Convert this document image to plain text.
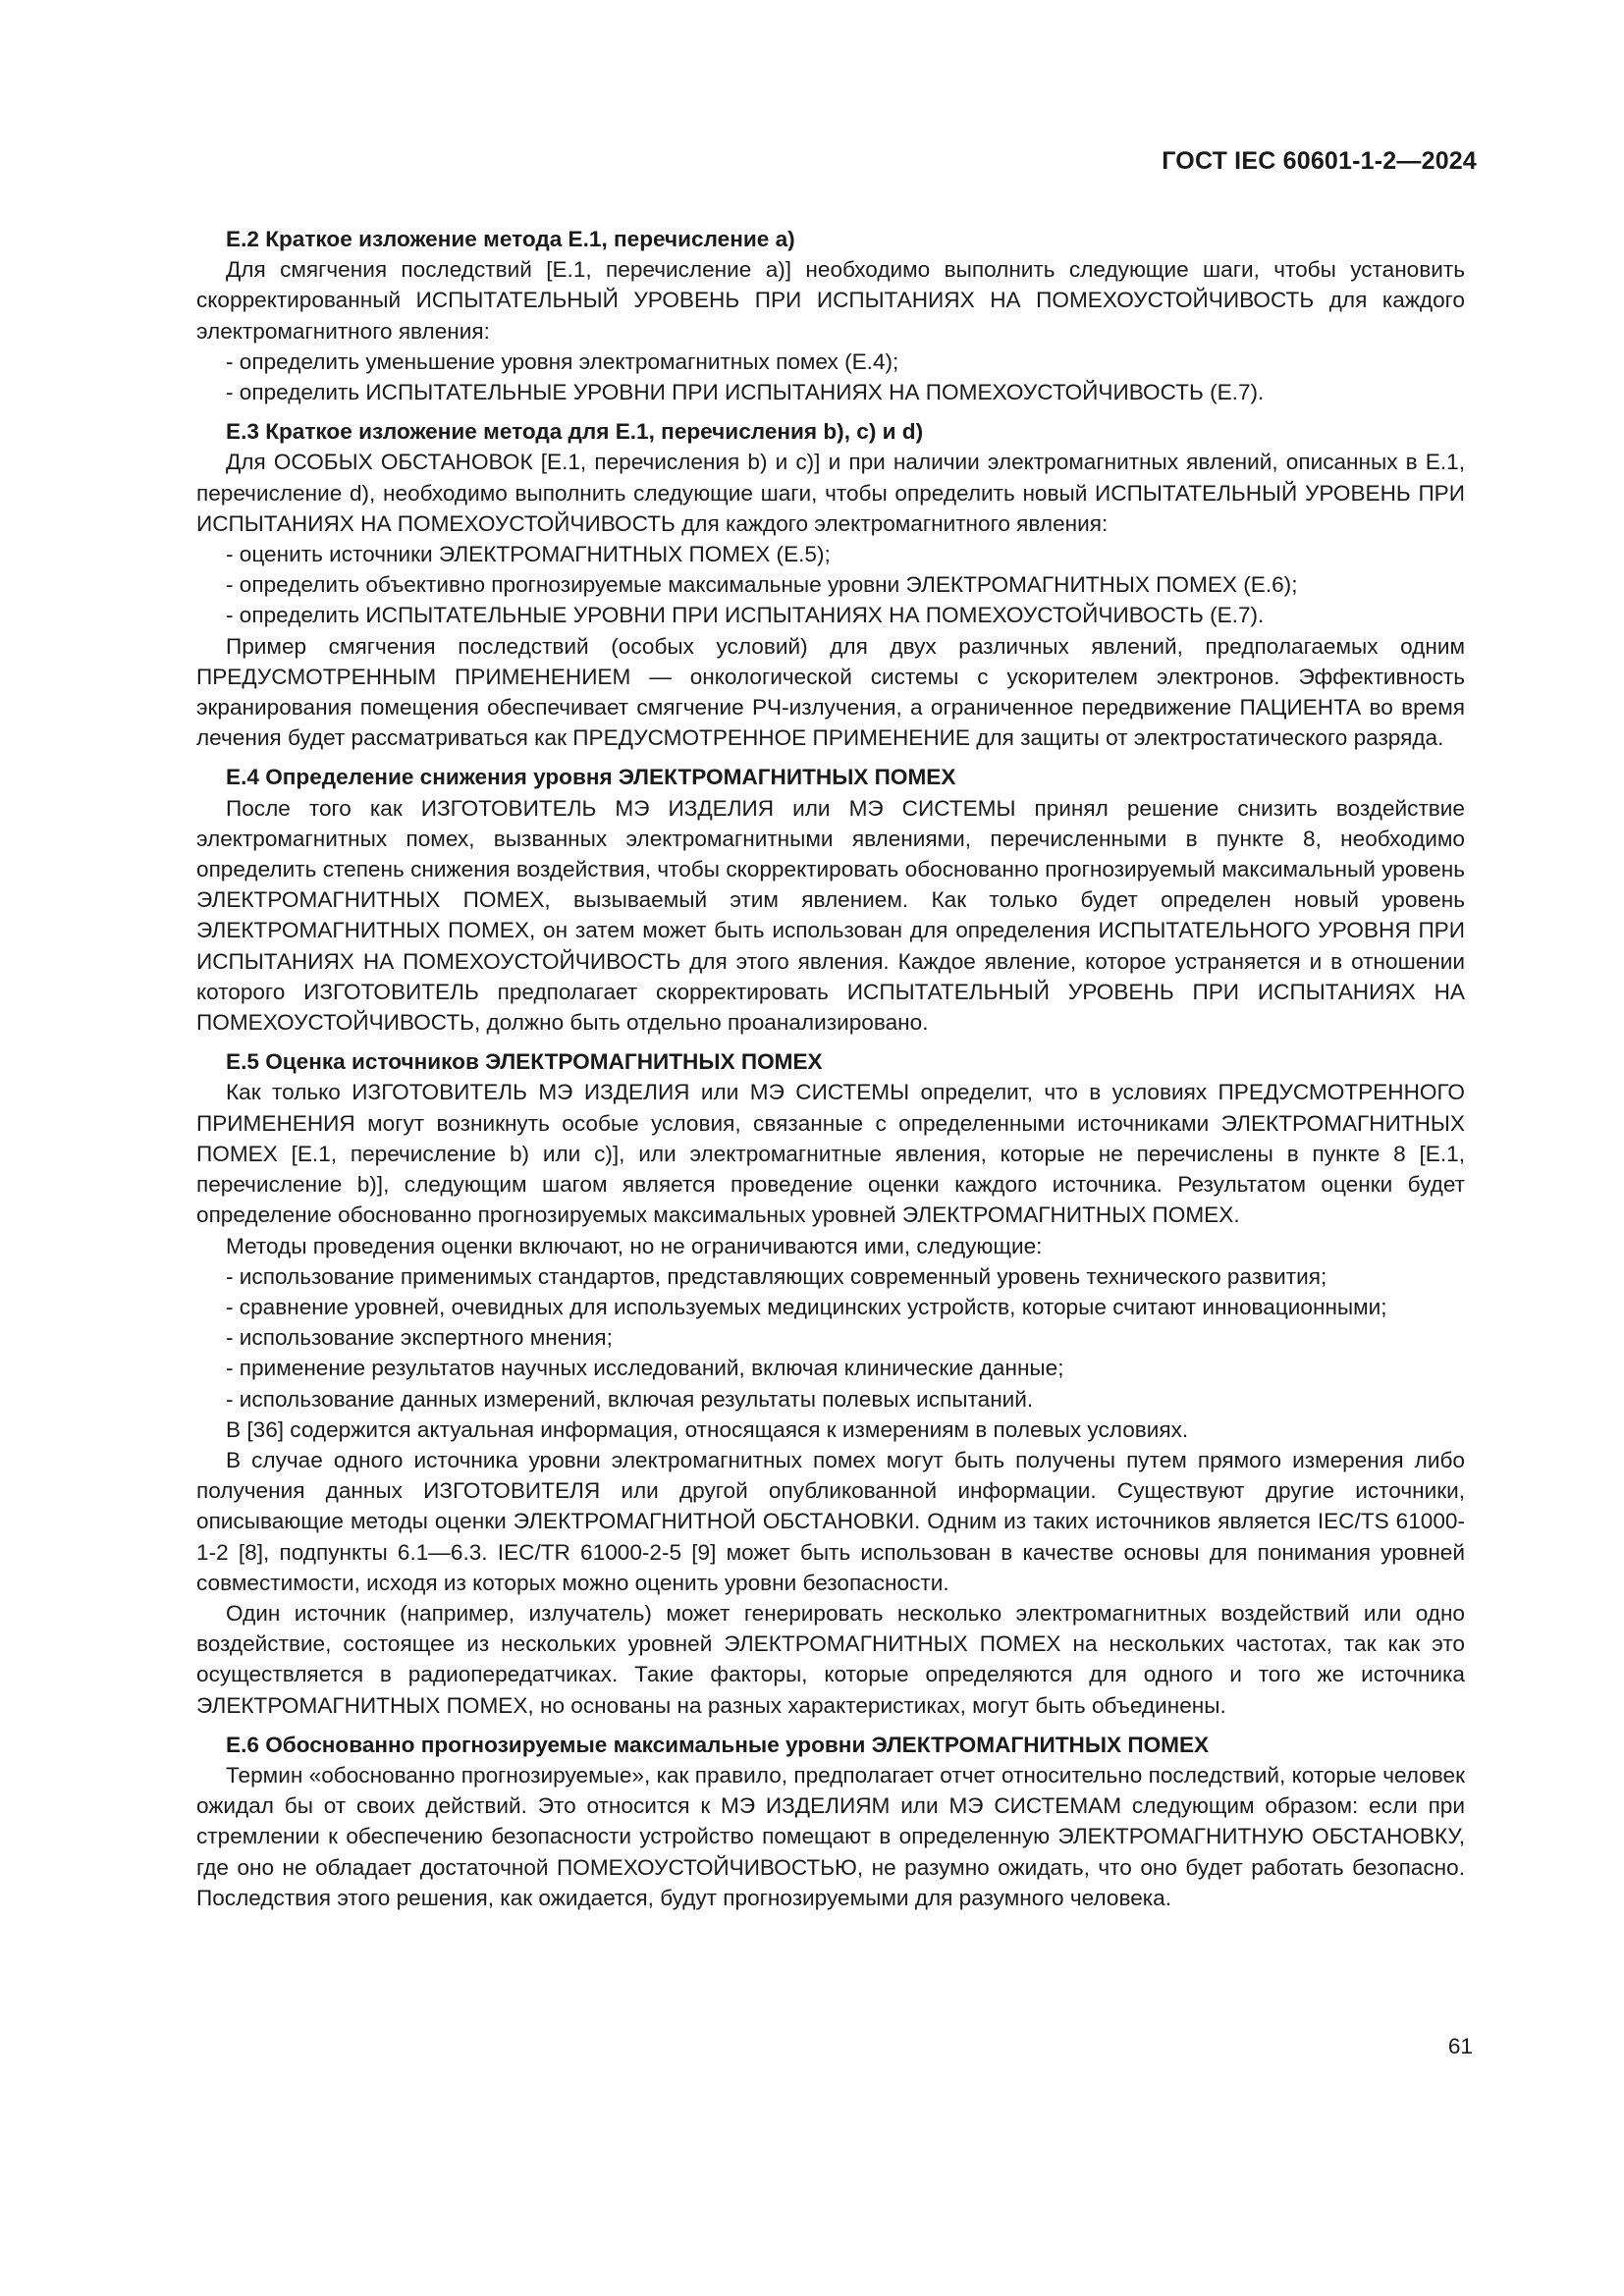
ГОСТ IEC 60601-1-2—2024
Е.2 Краткое изложение метода Е.1, перечисление а)

Для смягчения последствий [Е.1, перечисление а)] необходимо выполнить следующие шаги, чтобы установить скорректированный ИСПЫТАТЕЛЬНЫЙ УРОВЕНЬ ПРИ ИСПЫТАНИЯХ НА ПОМЕХОУСТОЙЧИВОСТЬ для каждого электромагнитного явления:

- определить уменьшение уровня электромагнитных помех (Е.4);

- определить ИСПЫТАТЕЛЬНЫЕ УРОВНИ ПРИ ИСПЫТАНИЯХ НА ПОМЕХОУСТОЙЧИВОСТЬ (Е.7).

Е.3 Краткое изложение метода для Е.1, перечисления b), c) и d)

Для ОСОБЫХ ОБСТАНОВОК [Е.1, перечисления b) и с)] и при наличии электромагнитных явлений, описанных в Е.1, перечисление d), необходимо выполнить следующие шаги, чтобы определить новый ИСПЫТАТЕЛЬНЫЙ УРОВЕНЬ ПРИ ИСПЫТАНИЯХ НА ПОМЕХОУСТОЙЧИВОСТЬ для каждого электромагнитного явления:

- оценить источники ЭЛЕКТРОМАГНИТНЫХ ПОМЕХ (Е.5);

- определить объективно прогнозируемые максимальные уровни ЭЛЕКТРОМАГНИТНЫХ ПОМЕХ (Е.6);

- определить ИСПЫТАТЕЛЬНЫЕ УРОВНИ ПРИ ИСПЫТАНИЯХ НА ПОМЕХОУСТОЙЧИВОСТЬ (Е.7).

Пример смягчения последствий (особых условий) для двух различных явлений, предполагаемых одним ПРЕДУСМОТРЕННЫМ ПРИМЕНЕНИЕМ — онкологической системы с ускорителем электронов. Эффективность экранирования помещения обеспечивает смягчение РЧ-излучения, а ограниченное передвижение ПАЦИЕНТА во время лечения будет рассматриваться как ПРЕДУСМОТРЕННОЕ ПРИМЕНЕНИЕ для защиты от электростатического разряда.

Е.4 Определение снижения уровня ЭЛЕКТРОМАГНИТНЫХ ПОМЕХ

После того как ИЗГОТОВИТЕЛЬ МЭ ИЗДЕЛИЯ или МЭ СИСТЕМЫ принял решение снизить воздействие электромагнитных помех, вызванных электромагнитными явлениями, перечисленными в пункте 8, необходимо определить степень снижения воздействия, чтобы скорректировать обоснованно прогнозируемый максимальный уровень ЭЛЕКТРОМАГНИТНЫХ ПОМЕХ, вызываемый этим явлением. Как только будет определен новый уровень ЭЛЕКТРОМАГНИТНЫХ ПОМЕХ, он затем может быть использован для определения ИСПЫТАТЕЛЬНОГО УРОВНЯ ПРИ ИСПЫТАНИЯХ НА ПОМЕХОУСТОЙЧИВОСТЬ для этого явления. Каждое явление, которое устраняется и в отношении которого ИЗГОТОВИТЕЛЬ предполагает скорректировать ИСПЫТАТЕЛЬНЫЙ УРОВЕНЬ ПРИ ИСПЫТАНИЯХ НА ПОМЕХОУСТОЙЧИВОСТЬ, должно быть отдельно проанализировано.

Е.5 Оценка источников ЭЛЕКТРОМАГНИТНЫХ ПОМЕХ

Как только ИЗГОТОВИТЕЛЬ МЭ ИЗДЕЛИЯ или МЭ СИСТЕМЫ определит, что в условиях ПРЕДУСМОТРЕННОГО ПРИМЕНЕНИЯ могут возникнуть особые условия, связанные с определенными источниками ЭЛЕКТРОМАГНИТНЫХ ПОМЕХ [Е.1, перечисление b) или с)], или электромагнитные явления, которые не перечислены в пункте 8 [Е.1, перечисление b)], следующим шагом является проведение оценки каждого источника. Результатом оценки будет определение обоснованно прогнозируемых максимальных уровней ЭЛЕКТРОМАГНИТНЫХ ПОМЕХ.

Методы проведения оценки включают, но не ограничиваются ими, следующие:

- использование применимых стандартов, представляющих современный уровень технического развития;

- сравнение уровней, очевидных для используемых медицинских устройств, которые считают инновационными;

- использование экспертного мнения;

- применение результатов научных исследований, включая клинические данные;

- использование данных измерений, включая результаты полевых испытаний.

В [36] содержится актуальная информация, относящаяся к измерениям в полевых условиях.

В случае одного источника уровни электромагнитных помех могут быть получены путем прямого измерения либо получения данных ИЗГОТОВИТЕЛЯ или другой опубликованной информации. Существуют другие источники, описывающие методы оценки ЭЛЕКТРОМАГНИТНОЙ ОБСТАНОВКИ. Одним из таких источников является IEC/TS 61000-1-2 [8], подпункты 6.1—6.3. IEC/TR 61000-2-5 [9] может быть использован в качестве основы для понимания уровней совместимости, исходя из которых можно оценить уровни безопасности.

Один источник (например, излучатель) может генерировать несколько электромагнитных воздействий или одно воздействие, состоящее из нескольких уровней ЭЛЕКТРОМАГНИТНЫХ ПОМЕХ на нескольких частотах, так как это осуществляется в радиопередатчиках. Такие факторы, которые определяются для одного и того же источника ЭЛЕКТРОМАГНИТНЫХ ПОМЕХ, но основаны на разных характеристиках, могут быть объединены.

Е.6 Обоснованно прогнозируемые максимальные уровни ЭЛЕКТРОМАГНИТНЫХ ПОМЕХ

Термин «обоснованно прогнозируемые», как правило, предполагает отчет относительно последствий, которые человек ожидал бы от своих действий. Это относится к МЭ ИЗДЕЛИЯМ или МЭ СИСТЕМАМ следующим образом: если при стремлении к обеспечению безопасности устройство помещают в определенную ЭЛЕКТРОМАГНИТНУЮ ОБСТАНОВКУ, где оно не обладает достаточной ПОМЕХОУСТОЙЧИВОСТЬЮ, не разумно ожидать, что оно будет работать безопасно. Последствия этого решения, как ожидается, будут прогнозируемыми для разумного человека.

61
